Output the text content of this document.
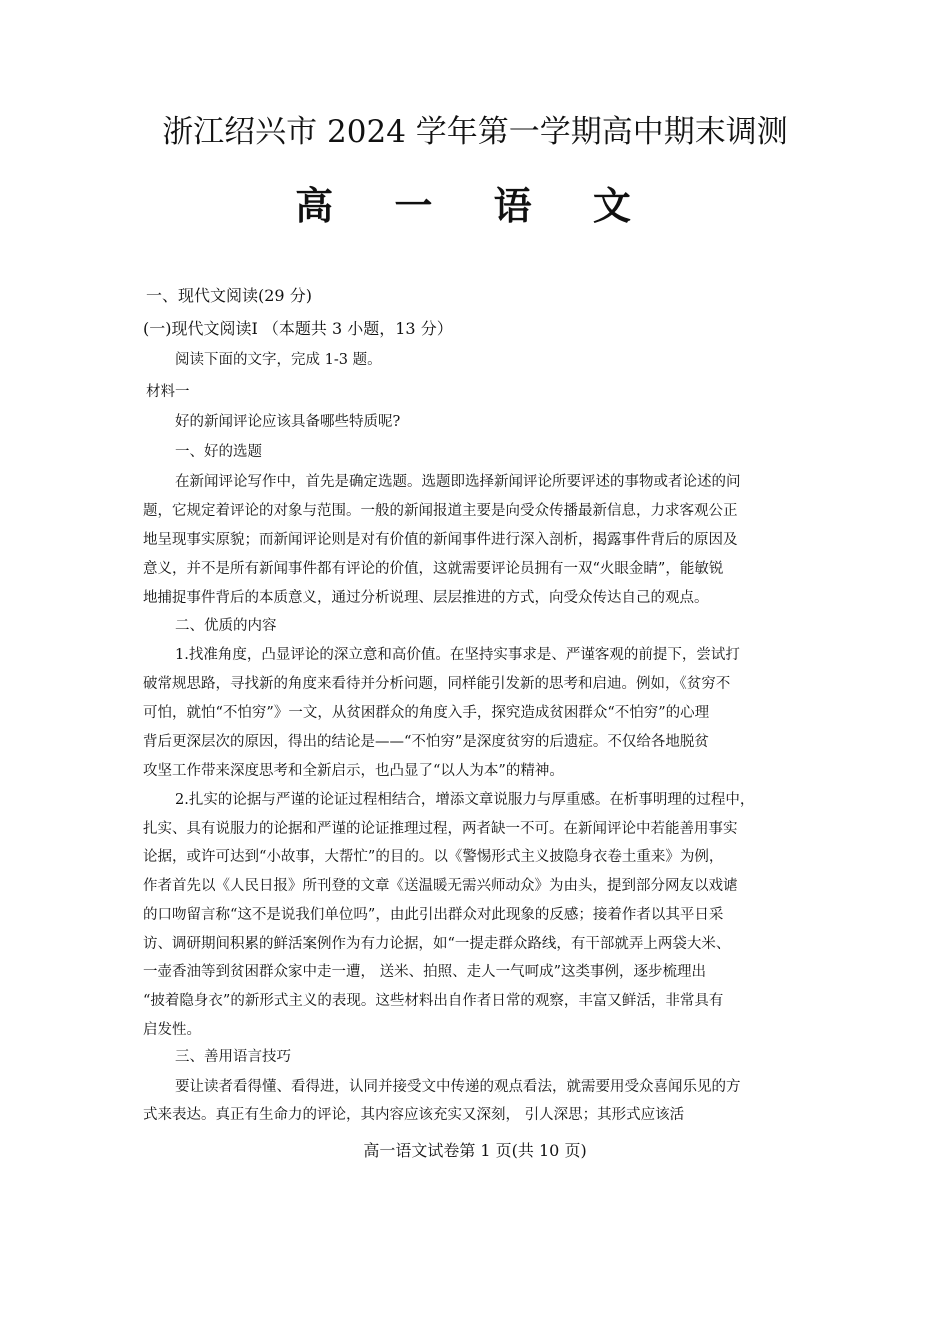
浙江绍兴市 2024 学年第一学期高中期末调测
高 一 语 文
一、现代文阅读(29 分)
(一)现代文阅读Ⅰ （本题共 3 小题，13 分）
阅读下面的文字，完成 1-3 题。
材料一
好的新闻评论应该具备哪些特质呢?
一、好的选题
在新闻评论写作中，首先是确定选题。选题即选择新闻评论所要评述的事物或者论述的问
题，它规定着评论的对象与范围。一般的新闻报道主要是向受众传播最新信息，力求客观公正
地呈现事实原貌；而新闻评论则是对有价值的新闻事件进行深入剖析，揭露事件背后的原因及
意义，并不是所有新闻事件都有评论的价值，这就需要评论员拥有一双“火眼金睛”，能敏锐
地捕捉事件背后的本质意义，通过分析说理、层层推进的方式，向受众传达自己的观点。
二、优质的内容
1.找准角度，凸显评论的深立意和高价值。在坚持实事求是、严谨客观的前提下，尝试打
破常规思路，寻找新的角度来看待并分析问题，同样能引发新的思考和启迪。例如，《贫穷不
可怕，就怕“不怕穷”》一文，从贫困群众的角度入手，探究造成贫困群众“不怕穷”的心理
背后更深层次的原因，得出的结论是——“不怕穷”是深度贫穷的后遗症。不仅给各地脱贫
攻坚工作带来深度思考和全新启示，也凸显了“以人为本”的精神。
2.扎实的论据与严谨的论证过程相结合，增添文章说服力与厚重感。在析事明理的过程中，
扎实、具有说服力的论据和严谨的论证推理过程，两者缺一不可。在新闻评论中若能善用事实
论据，或许可达到“小故事，大帮忙”的目的。以《警惕形式主义披隐身衣卷土重来》为例，
作者首先以《人民日报》所刊登的文章《送温暖无需兴师动众》为由头，提到部分网友以戏谑
的口吻留言称“这不是说我们单位吗”，由此引出群众对此现象的反感；接着作者以其平日采
访、调研期间积累的鲜活案例作为有力论据，如“一提走群众路线，有干部就弄上两袋大米、
一壶香油等到贫困群众家中走一遭， 送米、拍照、走人一气呵成”这类事例，逐步梳理出
“披着隐身衣”的新形式主义的表现。这些材料出自作者日常的观察，丰富又鲜活，非常具有
启发性。
三、善用语言技巧
要让读者看得懂、看得进，认同并接受文中传递的观点看法，就需要用受众喜闻乐见的方
式来表达。真正有生命力的评论，其内容应该充实又深刻， 引人深思；其形式应该活
高一语文试卷第 1 页(共 10 页)
